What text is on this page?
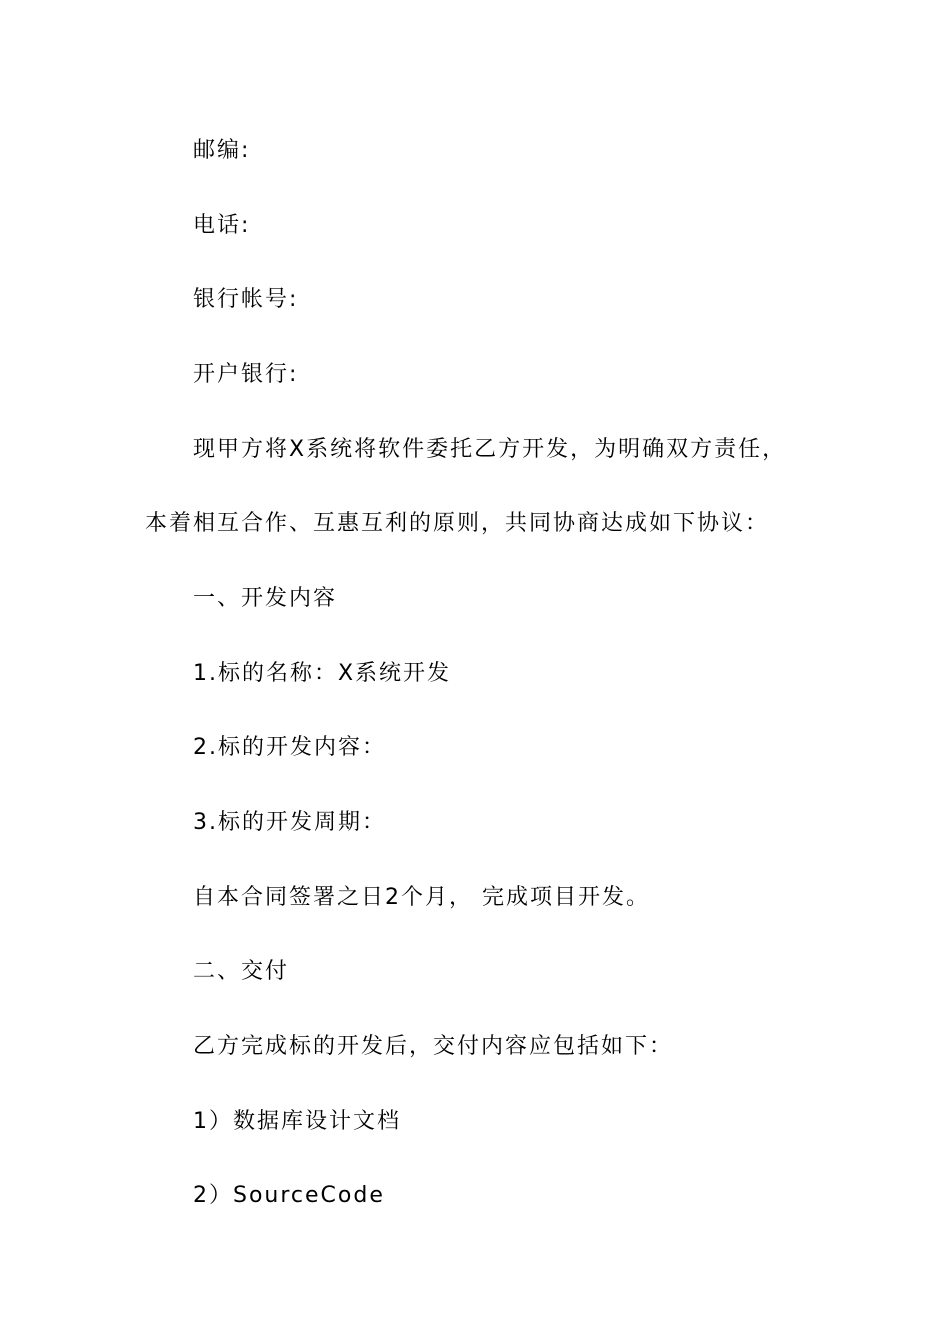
邮编:
电话:
银行帐号:
开户银行:
现甲方将X系统将软件委托乙方开发，为明确双方责任，
本着相互合作、互惠互利的原则，共同协商达成如下协议：
一、开发内容
1.标的名称：X系统开发
2.标的开发内容：
3.标的开发周期：
自本合同签署之日2个月， 完成项目开发。
二、交付
乙方完成标的开发后，交付内容应包括如下：
1）数据库设计文档
2）SourceCode
